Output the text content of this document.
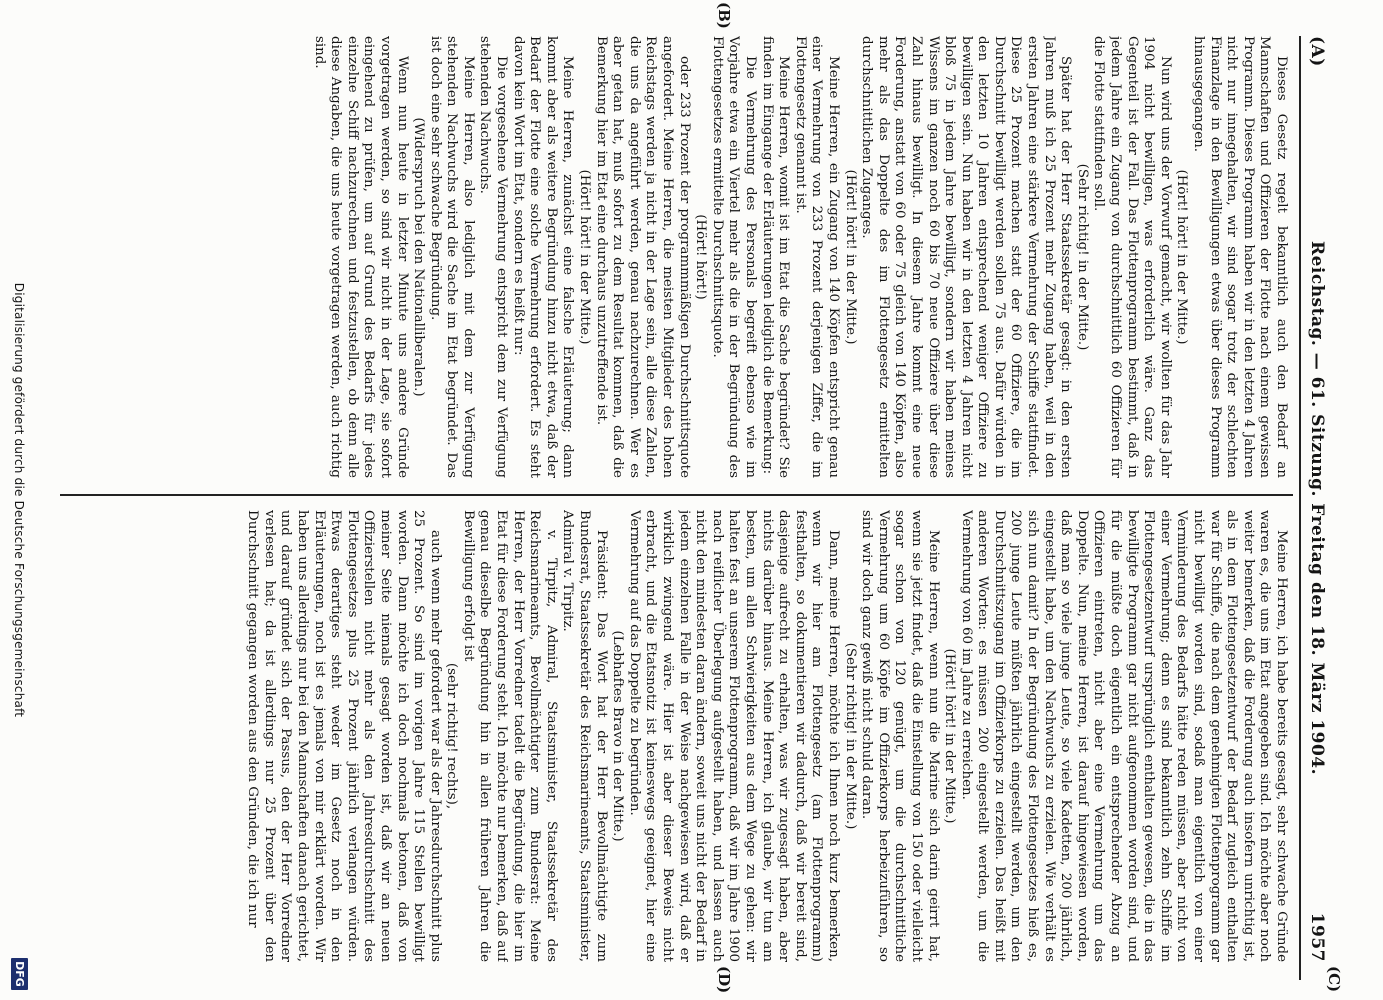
(A)
Reichstag. — 61. Sitzung. Freitag den 18. März 1904.
1957

Dieses Gesetz regelt bekanntlich auch den Bedarf an Mannschaften und Offizieren der Flotte nach einem gewissen Programm. Dieses Programm haben wir in den letzten 4 Jahren nicht nur innegehalten, wir sind sogar trotz der schlechten Finanzlage in den Bewilligungen etwas über dieses Programm hinausgegangen.

(Hört! hört! in der Mitte.)

Nun wird uns der Vorwurf gemacht, wir wollten für das Jahr 1904 nicht bewilligen, was erforderlich wäre. Ganz das Gegenteil ist der Fall. Das Flottenprogramm bestimmt, daß in jedem Jahre ein Zugang von durchschnittlich 60 Offizieren für die Flotte stattfinden soll.

(Sehr richtig! in der Mitte.)

Später hat der Herr Staatssekretär gesagt: in den ersten Jahren muß ich 25 Prozent mehr Zugang haben, weil in den ersten Jahren eine stärkere Vermehrung der Schiffe stattfindet. Diese 25 Prozent machen statt der 60 Offiziere, die im Durchschnitt bewilligt werden sollen 75 aus. Dafür würden in den letzten 10 Jahren entsprechend weniger Offiziere zu bewilligen sein. Nun haben wir in den letzten 4 Jahren nicht bloß 75 in jedem Jahre bewilligt, sondern wir haben meines Wissens im ganzen noch 60 bis 70 neue Offiziere über diese Zahl hinaus bewilligt. In diesem Jahre kommt eine neue Forderung, anstatt von 60 oder 75 gleich von 140 Köpfen, also mehr als das Doppelte des im Flottengesetz ermittelten durchschnittlichen Zuganges.

(Hört! hört! in der Mitte.)

Meine Herren, ein Zugang von 140 Köpfen entspricht genau einer Vermehrung von 233 Prozent derjenigen Ziffer, die im Flottengesetz genannt ist.

Meine Herren, womit ist im Etat die Sache begründet? Sie finden im Eingange der Erläuterungen lediglich die Bemerkung:

Die Vermehrung des Personals begreift ebenso wie im Vorjahre etwa ein Viertel mehr als die in der Begründung des Flottengesetzes ermittelte Durchschnittsquote.

(Hört! hört!)

oder 233 Prozent der programmmäßigen Durchschnittsquote angefordert. Meine Herren, die meisten Mitglieder des hohen Reichstags werden ja nicht in der Lage sein, alle diese Zahlen, die uns da angeführt werden, genau nachzurechnen. Wer es aber getan hat, muß sofort zu dem Resultat kommen, daß die Bemerkung hier im Etat eine durchaus unzutreffende ist.

(Hört! hört! in der Mitte.)

Meine Herren, zunächst eine falsche Erläuterung; dann kommt aber als weitere Begründung hinzu nicht etwa, daß der Bedarf der Flotte eine solche Vermehrung erfordert. Es steht davon kein Wort im Etat, sondern es heißt nur:

Die vorgesehene Vermehrung entspricht dem zur Verfügung stehenden Nachwuchs.

Meine Herren, also lediglich mit dem zur Verfügung stehenden Nachwuchs wird die Sache im Etat begründet. Das ist doch eine sehr schwache Begründung.

(Widerspruch bei den Nationalliberalen.)

Wenn nun heute in letzter Minute uns andere Gründe vorgetragen werden, so sind wir nicht in der Lage, sie sofort eingehend zu prüfen, um auf Grund des Bedarfs für jedes einzelne Schiff nachzurechnen und festzustellen, ob denn alle diese Angaben, die uns heute vorgetragen werden, auch richtig sind.

Meine Herren, ich habe bereits gesagt, sehr schwache Gründe waren es, die uns im Etat angegeben sind. Ich möchte aber noch weiter bemerken, daß die Forderung auch insofern unrichtig ist, als in dem Flottengesetzentwurf der Bedarf zugleich enthalten war für Schiffe, die nach dem genehmigten Flottenprogramm gar nicht bewilligt worden sind, sodaß man eigentlich von einer Verminderung des Bedarfs hätte reden müssen, aber nicht von einer Vermehrung; denn es sind bekanntlich zehn Schiffe im Flottengesetzentwurf ursprünglich enthalten gewesen, die in das bewilligte Programm gar nicht aufgenommen worden sind, und für die müßte doch eigentlich ein entsprechender Abzug an Offizieren eintreten, nicht aber eine Vermehrung um das Doppelte. Nun, meine Herren, ist darauf hingewiesen worden, daß man so viele junge Leute, so viele Kadetten, 200 jährlich, eingestellt habe, um den Nachwuchs zu erzielen. Wie verhält es sich nun damit? In der Begründung des Flottengesetzes hieß es, 200 junge Leute müßten jährlich eingestellt werden, um den Durchschnittszugang im Offizierkorps zu erzielen. Das heißt mit anderen Worten: es müssen 200 eingestellt werden, um die Vermehrung von 60 im Jahre zu erreichen.

(Hört! hört! in der Mitte.)

Meine Herren, wenn nun die Marine sich darin geirrt hat, wenn sie jetzt findet, daß die Einstellung von 150 oder vielleicht sogar schon von 120 genügt, um die durchschnittliche Vermehrung um 60 Köpfe im Offizierkorps herbeizuführen, so sind wir doch ganz gewiß nicht schuld daran.

(Sehr richtig! in der Mitte.)

Dann, meine Herren, möchte ich Ihnen noch kurz bemerken, wenn wir hier am Flottengesetz (am Flottenprogramm) festhalten, so dokumentieren wir dadurch, daß wir bereit sind, dasjenige aufrecht zu erhalten, was wir zugesagt haben, aber nichts darüber hinaus. Meine Herren, ich glaube, wir tun am besten, um allen Schwierigkeiten aus dem Wege zu gehen: wir halten fest an unserem Flottenprogramm, daß wir im Jahre 1900 nach reiflicher Überlegung aufgestellt haben, und lassen auch nicht den mindesten daran ändern, soweit uns nicht der Bedarf in jedem einzelnen Falle in der Weise nachgewiesen wird, daß er wirklich zwingend wäre. Hier ist aber dieser Beweis nicht erbracht, und die Etatsnotiz ist keineswegs geeignet, hier eine Vermehrung auf das Doppelte zu begründen.

(Lebhaftes Bravo in der Mitte.)

Präsident: Das Wort hat der Herr Bevollmächtigte zum Bundesrat, Staatssekretär des Reichsmarineamts, Staatsminister, Admiral v. Tirpitz.

v. Tirpitz, Admiral, Staatsminister, Staatssekretär des Reichsmarineamts, Bevollmächtigter zum Bundesrat: Meine Herren, der Herr Vorredner tadelt die Begründung, die hier im Etat für diese Forderung steht. Ich möchte nur bemerken, daß auf genau dieselbe Begründung hin in allen früheren Jahren die Bewilligung erfolgt ist

(sehr richtig! rechts),

auch wenn mehr gefordert war als der Jahresdurchschnitt plus 25 Prozent. So sind im vorigen Jahre 115 Stellen bewilligt worden. Dann möchte ich doch nochmals betonen, daß von meiner Seite niemals gesagt worden ist, daß wir an neuen Offizierstellen nicht mehr als den Jahresdurchschnitt des Flottengesetzes plus 25 Prozent jährlich verlangen würden. Etwas derartiges steht weder im Gesetz noch in den Erläuterungen, noch ist es jemals von mir erklärt worden. Wir haben uns allerdings nur bei den Mannschaften danach gerichtet, und darauf gründet sich der Passus, den der Herr Vorredner verlesen hat; da ist allerdings nur 25 Prozent über den Durchschnitt gegangen worden aus den Gründen, die ich nur

(B)
(C)
(D)
Digitalisierung gefördert durch die Deutsche Forschungsgemeinschaft
DFG
